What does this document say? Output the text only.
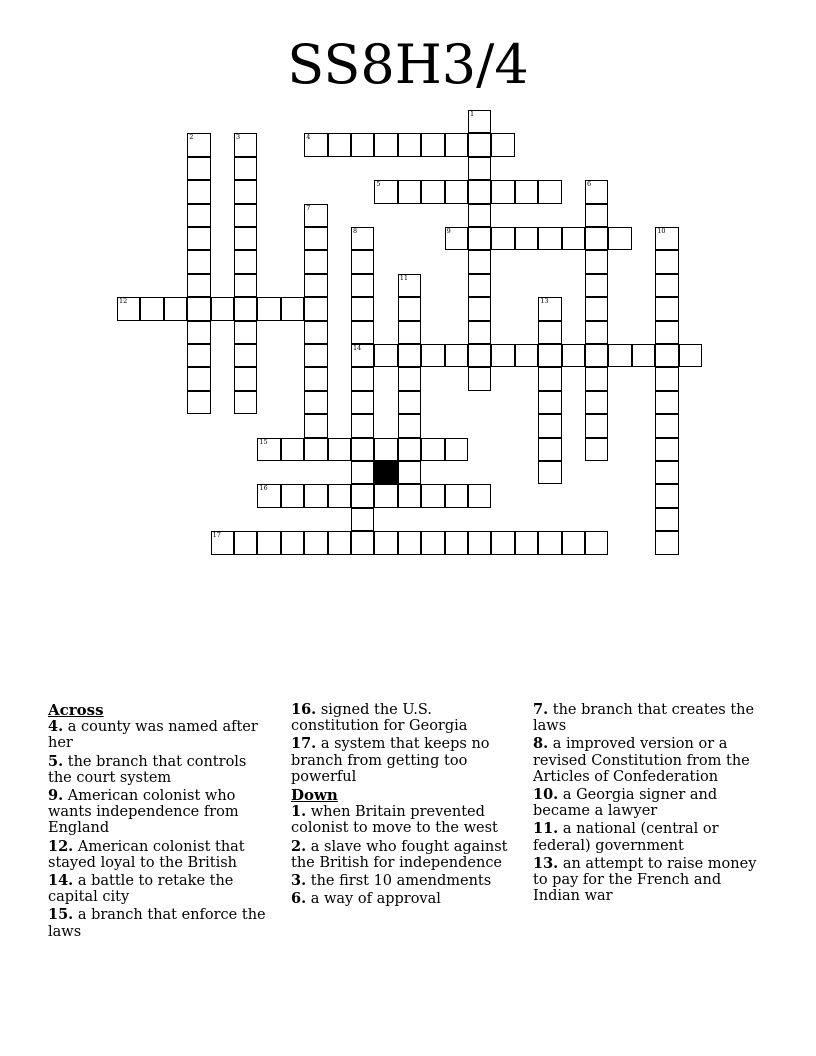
SS8H3/4
1
2	3	4
5	6
7
8
14
9	10
11
12	13
15
16
17
Across
4. a county was named after her
5. the branch that controls the court system
9. American colonist who wants independence from England
12. American colonist that stayed loyal to the British
14. a battle to retake the capital city
15. a branch that enforce the laws
16. signed the U.S. constitution for Georgia
17. a system that keeps no branch from getting too powerful
Down
1. when Britain prevented colonist to move to the west
2. a slave who fought against the British for independence
3. the first 10 amendments
6. a way of approval
7. the branch that creates the laws
8. a improved version or a revised Constitution from the Articles of Confederation
10. a Georgia signer and became a lawyer
11. a national (central or federal) government
13. an attempt to raise money to pay for the French and Indian war
